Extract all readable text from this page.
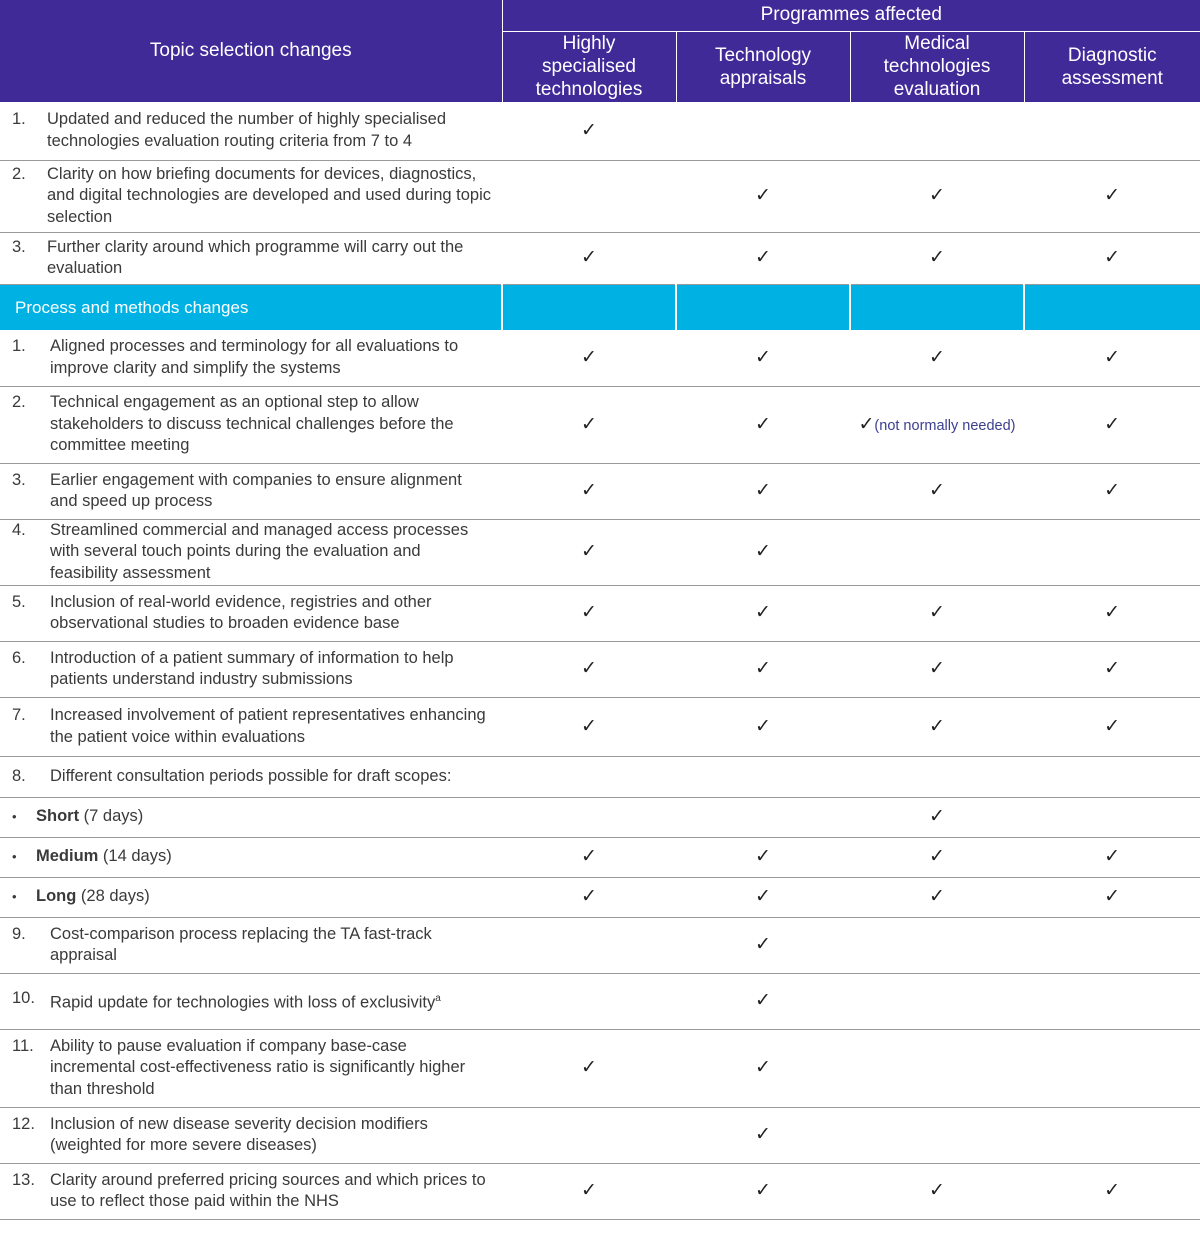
Topic selection changes	Programmes affected			

	Highly
specialised
technologies	Technology
appraisals	Medical
technologies
evaluation	Diagnostic
assessment

1. Updated and reduced the number of highly specialised technologies evaluation routing criteria from 7 to 4	✓			

2. Clarity on how briefing documents for devices, diagnostics, and digital technologies are developed and used during topic selection		✓	✓	✓

3. Further clarity around which programme will carry out the evaluation	✓	✓	✓	✓
Process and methods changes				

1. Aligned processes and terminology for all evaluations to improve clarity and simplify the systems	✓	✓	✓	✓

2. Technical engagement as an optional step to allow stakeholders to discuss technical challenges before the committee meeting	✓	✓	✓(not normally needed)	✓

3. Earlier engagement with companies to ensure alignment and speed up process	✓	✓	✓	✓

4. Streamlined commercial and managed access processes with several touch points during the evaluation and feasibility assessment	✓	✓		

5. Inclusion of real-world evidence, registries and other observational studies to broaden evidence base	✓	✓	✓	✓

6. Introduction of a patient summary of information to help patients understand industry submissions	✓	✓	✓	✓

7. Increased involvement of patient representatives enhancing the patient voice within evaluations	✓	✓	✓	✓

8. Different consultation periods possible for draft scopes:				

• Short (7 days)			✓	
• Medium (14 days)	✓	✓	✓	✓
• Long (28 days)	✓	✓	✓	✓

9. Cost-comparison process replacing the TA fast-track appraisal		✓		

10. Rapid update for technologies with loss of exclusivity$^a$		✓		

11. Ability to pause evaluation if company base-case incremental cost-effectiveness ratio is significantly higher than threshold	✓	✓		

12. Inclusion of new disease severity decision modifiers (weighted for more severe diseases)		✓		

13. Clarity around preferred pricing sources and which prices to use to reflect those paid within the NHS	✓	✓	✓	✓
